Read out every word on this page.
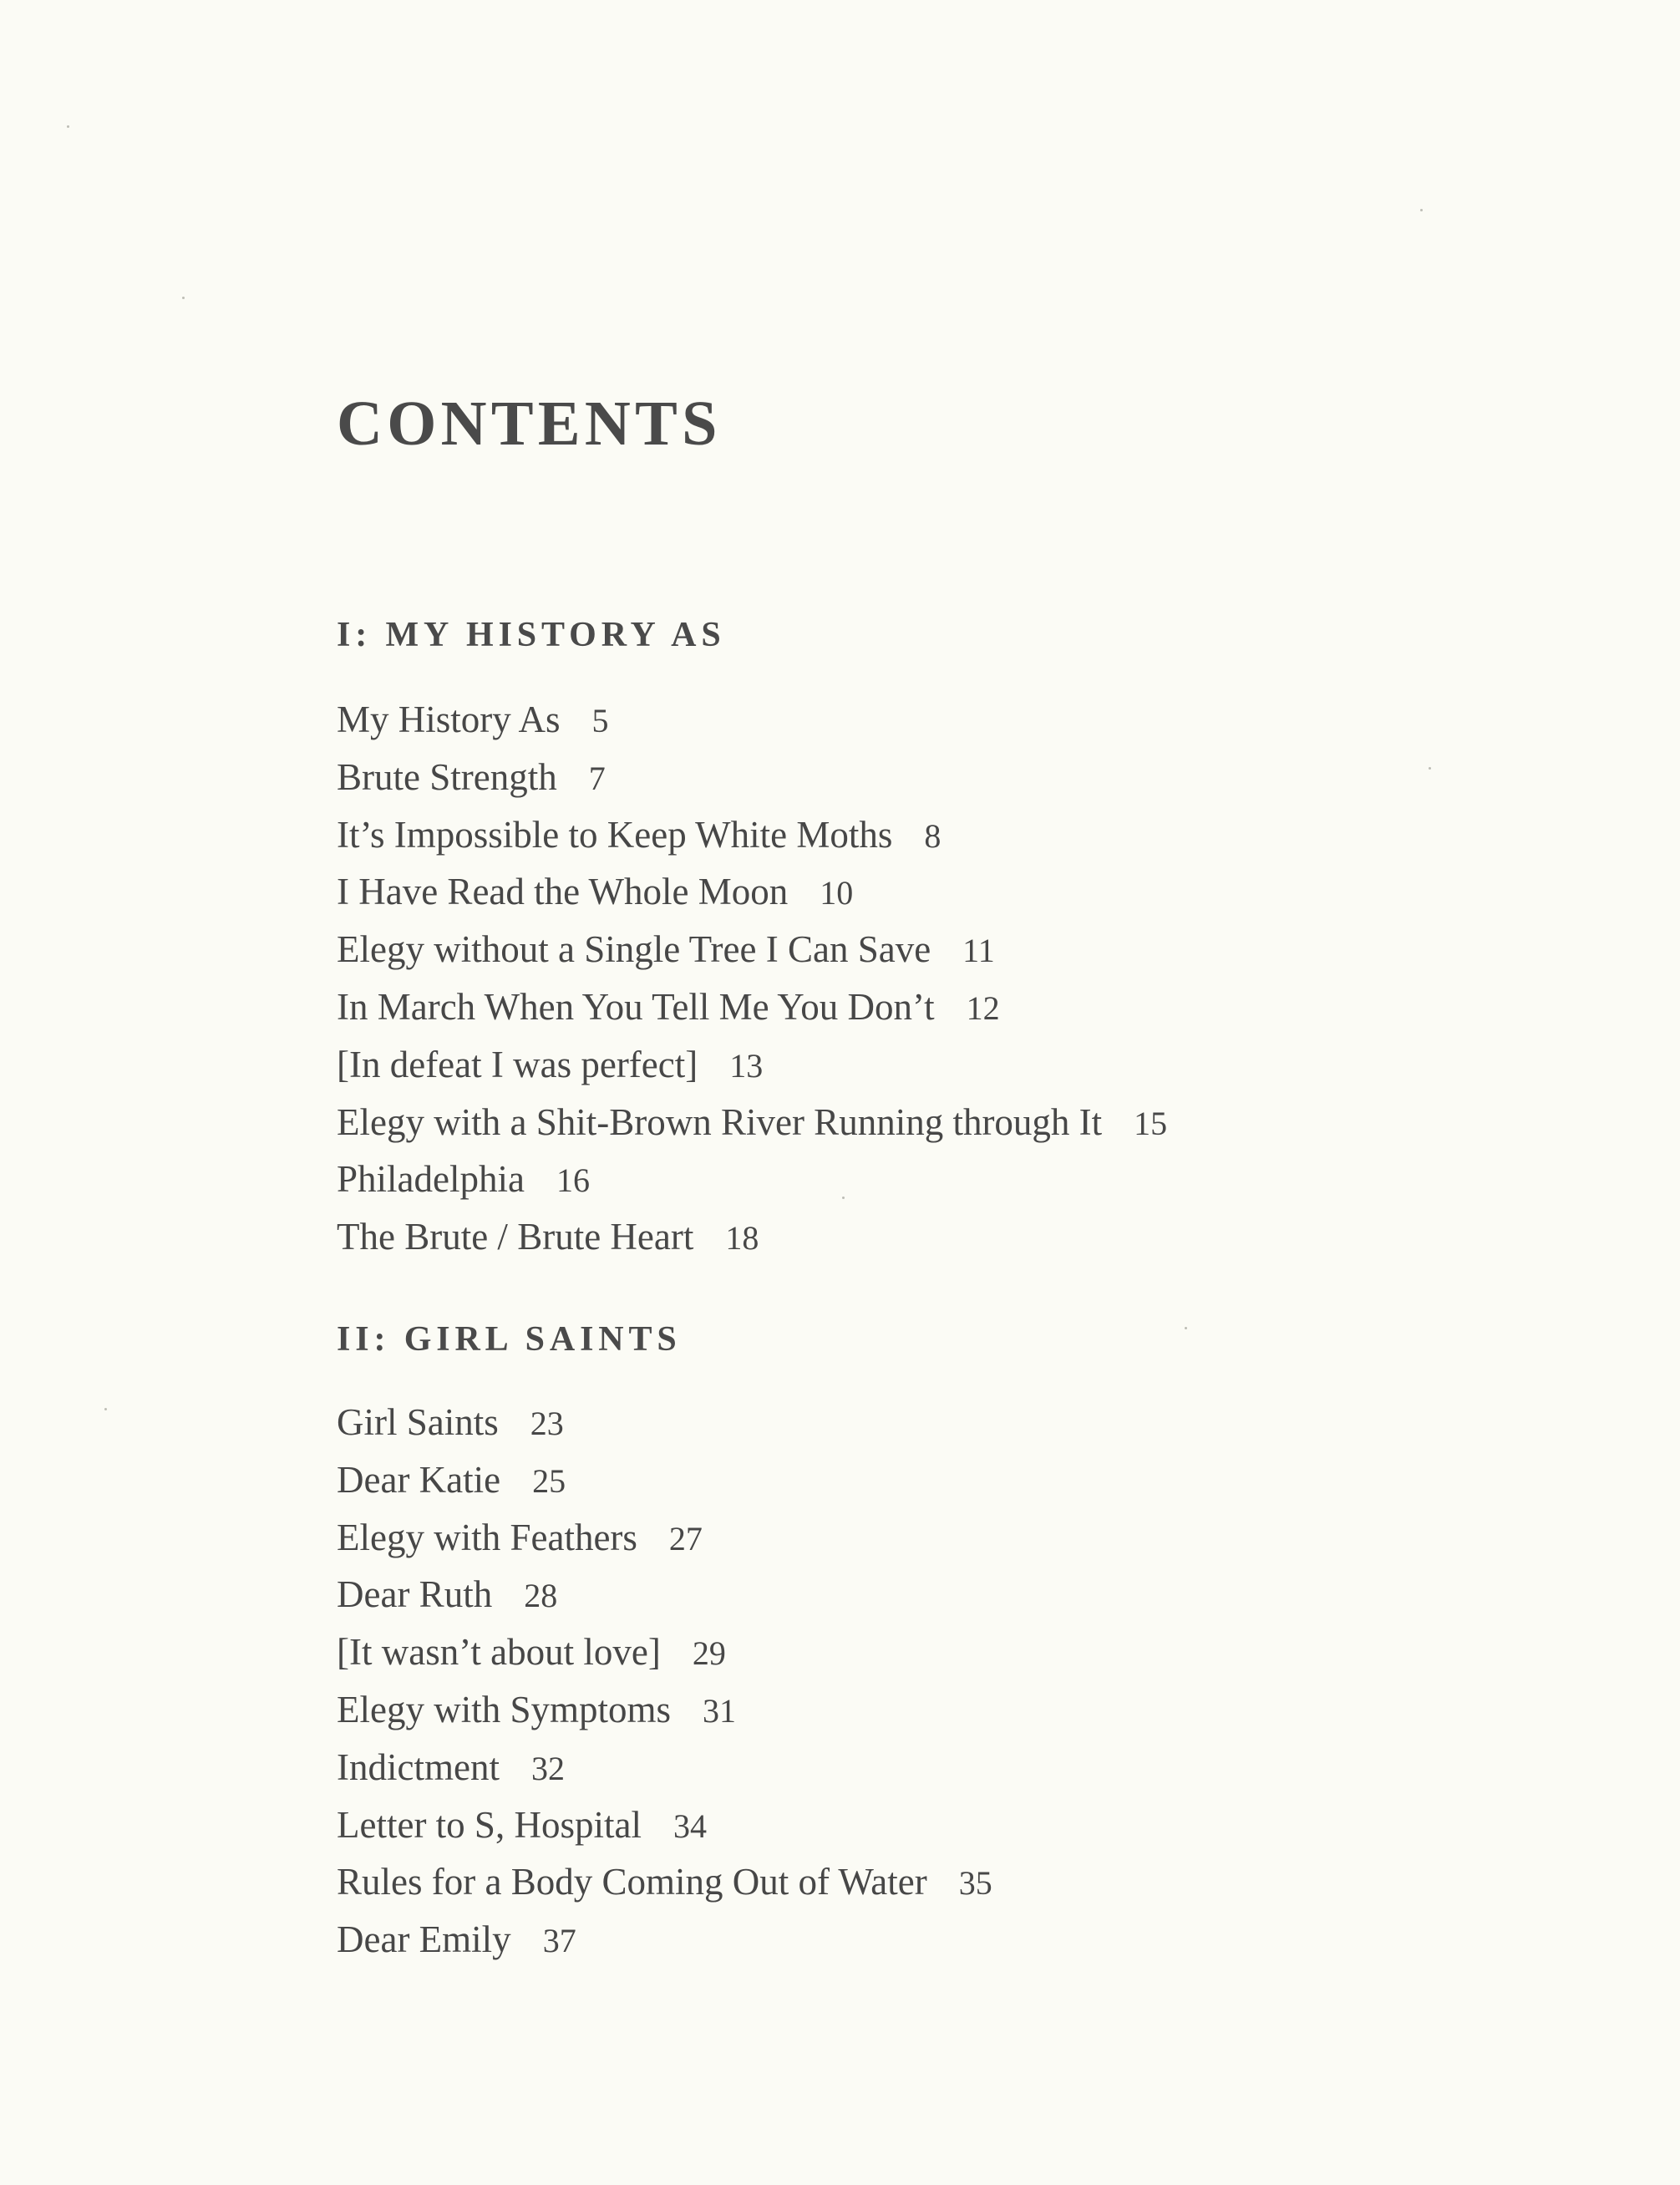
CONTENTS
I: MY HISTORY AS
My History As 5
Brute Strength 7
It’s Impossible to Keep White Moths 8
I Have Read the Whole Moon 10
Elegy without a Single Tree I Can Save 11
In March When You Tell Me You Don’t 12
[In defeat I was perfect] 13
Elegy with a Shit-Brown River Running through It 15
Philadelphia 16
The Brute / Brute Heart 18
II: GIRL SAINTS
Girl Saints 23
Dear Katie 25
Elegy with Feathers 27
Dear Ruth 28
[It wasn’t about love] 29
Elegy with Symptoms 31
Indictment 32
Letter to S, Hospital 34
Rules for a Body Coming Out of Water 35
Dear Emily 37
